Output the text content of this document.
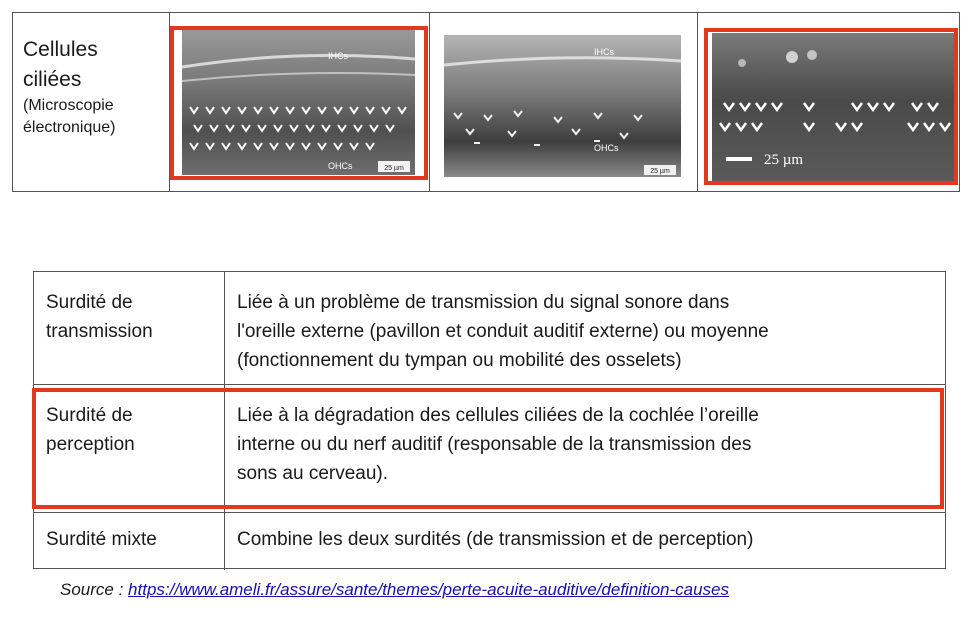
Cellules
ciliées
(Microscopie
électronique)
25 µm
IHCs
OHCs
25 µm
IHCs
OHCs
25 µm
Surdité de
transmission
Liée à un problème de transmission du signal sonore dans
l'oreille externe (pavillon et conduit auditif externe) ou moyenne
(fonctionnement du tympan ou mobilité des osselets)
Surdité de
perception
Liée à la dégradation des cellules ciliées de la cochlée l’oreille
interne ou du nerf auditif (responsable de la transmission des
sons au cerveau).
Surdité mixte	Combine les deux surdités (de transmission et de perception)
Source : https://www.ameli.fr/assure/sante/themes/perte-acuite-auditive/definition-causes
